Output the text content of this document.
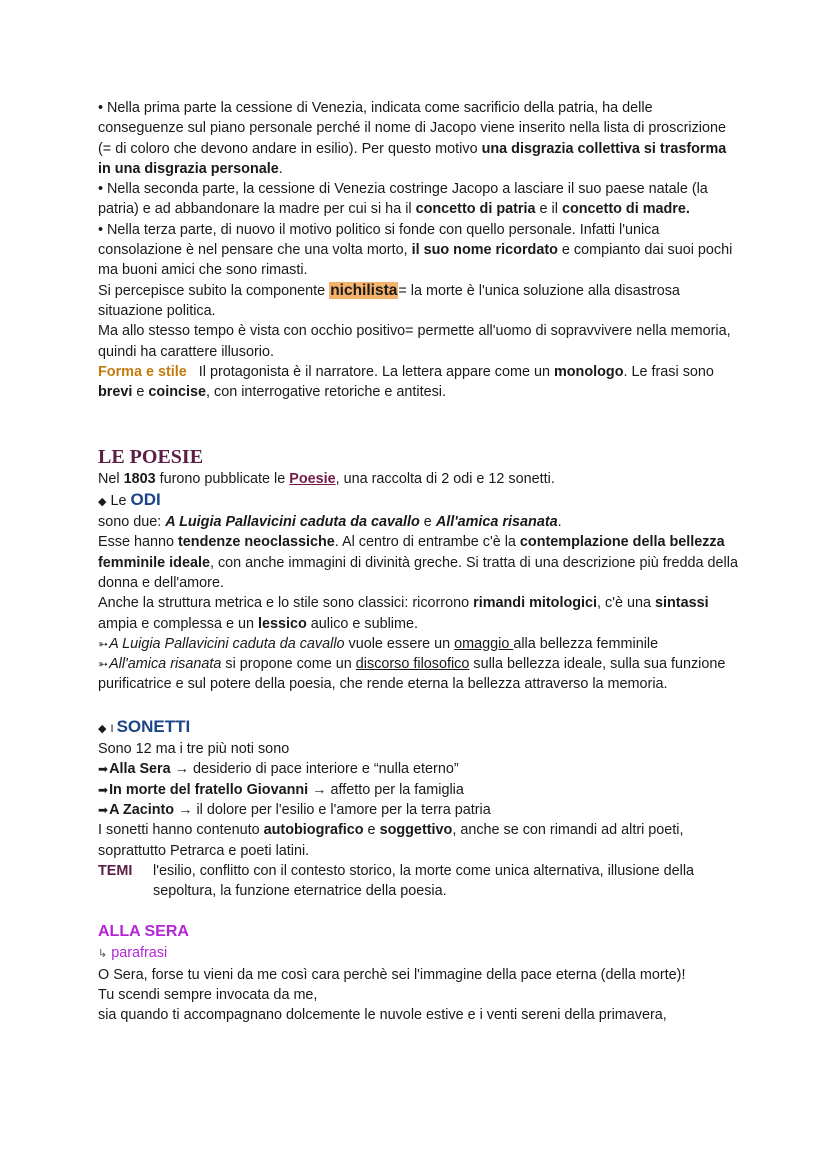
• Nella prima parte la cessione di Venezia, indicata come sacrificio della patria, ha delle conseguenze sul piano personale perché il nome di Jacopo viene inserito nella lista di proscrizione (= di coloro che devono andare in esilio). Per questo motivo una disgrazia collettiva si trasforma in una disgrazia personale.

• Nella seconda parte, la cessione di Venezia costringe Jacopo a lasciare il suo paese natale (la patria) e ad abbandonare la madre per cui si ha il concetto di patria e il concetto di madre.

• Nella terza parte, di nuovo il motivo politico si fonde con quello personale. Infatti l'unica consolazione è nel pensare che una volta morto, il suo nome ricordato e compianto dai suoi pochi ma buoni amici che sono rimasti.

Si percepisce subito la componente nichilista= la morte è l'unica soluzione alla disastrosa situazione politica.

Ma allo stesso tempo è vista con occhio positivo= permette all'uomo di sopravvivere nella memoria, quindi ha carattere illusorio.

Forma e stile   Il protagonista è il narratore. La lettera appare come un monologo. Le frasi sono brevi e coincise, con interrogative retoriche e antitesi.

LE POESIE

Nel 1803 furono pubblicate le Poesie, una raccolta di 2 odi e 12 sonetti.

◆ Le ODI

sono due: A Luigia Pallavicini caduta da cavallo e All'amica risanata.

Esse hanno tendenze neoclassiche. Al centro di entrambe c'è la contemplazione della bellezza femminile ideale, con anche immagini di divinità greche. Si tratta di una descrizione più fredda della donna e dell'amore.

Anche la struttura metrica e lo stile sono classici: ricorrono rimandi mitologici, c'è una sintassi ampia e complessa e un lessico aulico e sublime.

➳A Luigia Pallavicini caduta da cavallo vuole essere un omaggio alla bellezza femminile

➳All'amica risanata si propone come un discorso filosofico sulla bellezza ideale, sulla sua funzione purificatrice e sul potere della poesia, che rende eterna la bellezza attraverso la memoria.

◆ I SONETTI

Sono 12 ma i tre più noti sono

➡Alla Sera → desiderio di pace interiore e “nulla eterno”

➡In morte del fratello Giovanni → affetto per la famiglia

➡A Zacinto → il dolore per l'esilio e l'amore per la terra patria

I sonetti hanno contenuto autobiografico e soggettivo, anche se con rimandi ad altri poeti, soprattutto Petrarca e poeti latini.

TEMI	l'esilio, conflitto con il contesto storico, la morte come unica alternativa, illusione della sepoltura, la funzione eternatrice della poesia.
ALLA SERA

↳ parafrasi

O Sera, forse tu vieni da me così cara perchè sei l'immagine della pace eterna (della morte)!

Tu scendi sempre invocata da me,

sia quando ti accompagnano dolcemente le nuvole estive e i venti sereni della primavera,
